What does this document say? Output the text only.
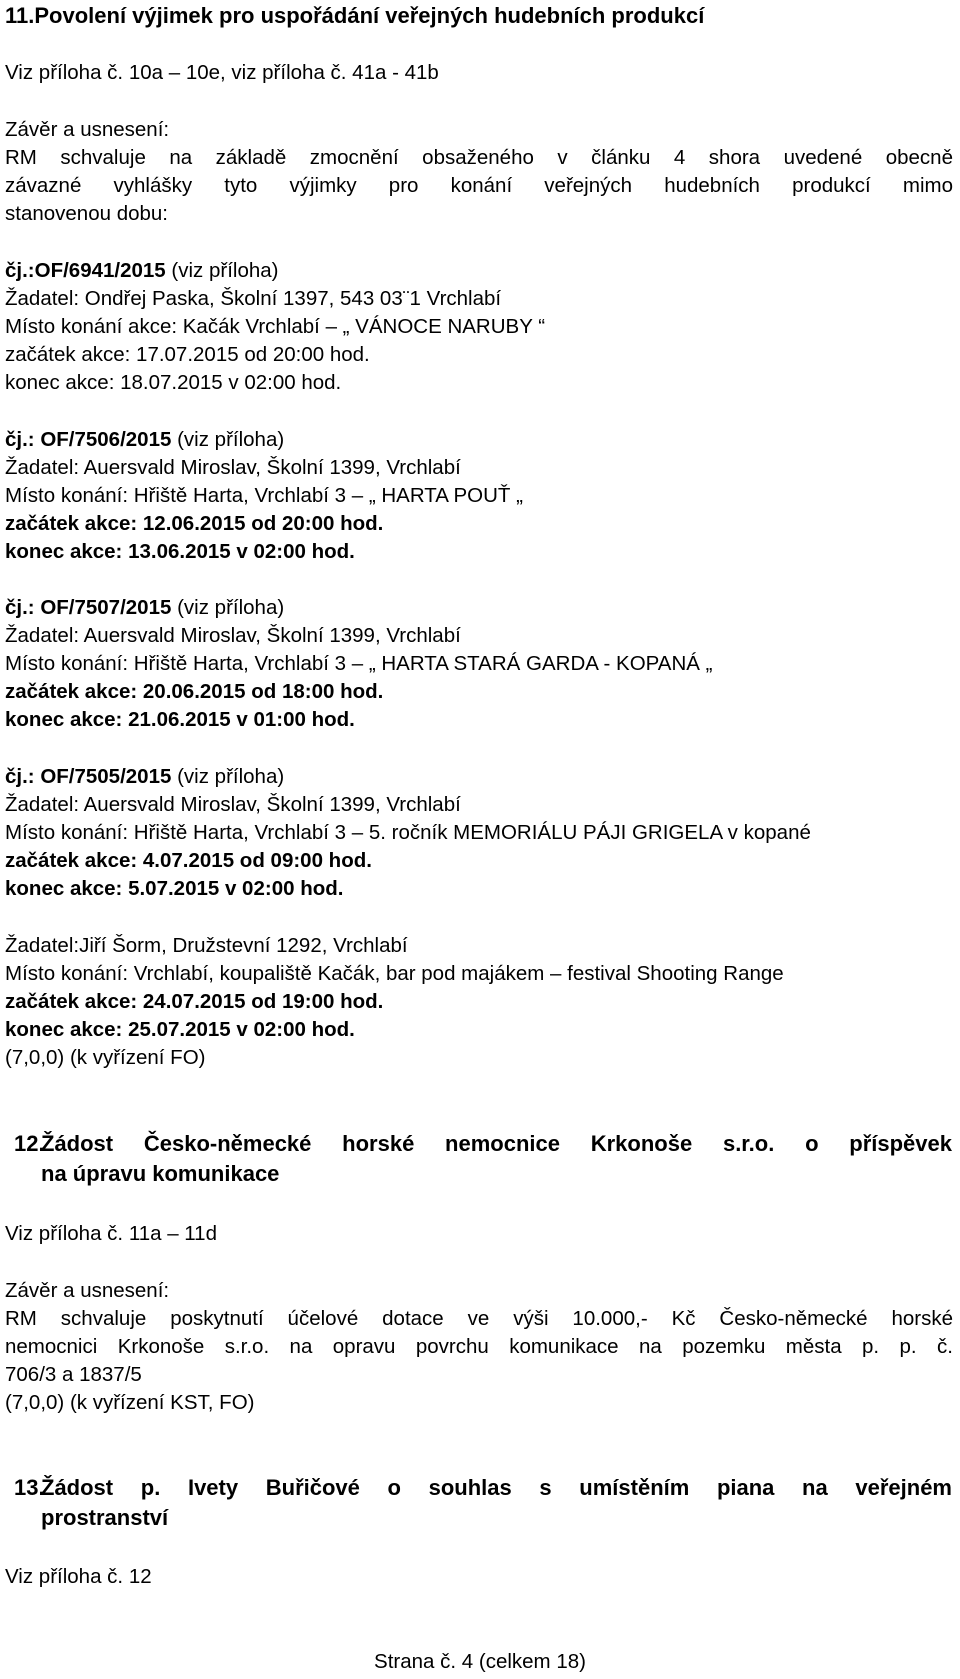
11.Povolení výjimek pro uspořádání veřejných hudebních produkcí
Viz příloha č. 10a – 10e, viz příloha č. 41a - 41b
Závěr a usnesení:
RM schvaluje na základě zmocnění obsaženého v článku 4 shora uvedené obecně
závazné vyhlášky tyto výjimky pro konání veřejných hudebních produkcí mimo
stanovenou dobu:
čj.:OF/6941/2015 (viz příloha)
Žadatel: Ondřej Paska, Školní 1397, 543 03¨1 Vrchlabí
Místo konání akce: Kačák Vrchlabí – „ VÁNOCE NARUBY “
začátek akce: 17.07.2015 od 20:00 hod.
konec akce: 18.07.2015 v 02:00 hod.
čj.: OF/7506/2015 (viz příloha)
Žadatel: Auersvald Miroslav, Školní 1399, Vrchlabí
Místo konání: Hřiště Harta, Vrchlabí 3 – „ HARTA POUŤ „
začátek akce: 12.06.2015 od 20:00 hod.
konec akce: 13.06.2015 v 02:00 hod.
čj.: OF/7507/2015 (viz příloha)
Žadatel: Auersvald Miroslav, Školní 1399, Vrchlabí
Místo konání: Hřiště Harta, Vrchlabí 3 – „ HARTA STARÁ GARDA - KOPANÁ „
začátek akce: 20.06.2015 od 18:00 hod.
konec akce: 21.06.2015 v 01:00 hod.
čj.: OF/7505/2015 (viz příloha)
Žadatel: Auersvald Miroslav, Školní 1399, Vrchlabí
Místo konání: Hřiště Harta, Vrchlabí 3 – 5. ročník MEMORIÁLU PÁJI GRIGELA v kopané
začátek akce: 4.07.2015 od 09:00 hod.
konec akce: 5.07.2015 v 02:00 hod.
Žadatel:Jiří Šorm, Družstevní 1292, Vrchlabí
Místo konání: Vrchlabí, koupaliště Kačák, bar pod majákem – festival Shooting Range
začátek akce: 24.07.2015 od 19:00 hod.
konec akce: 25.07.2015 v 02:00 hod.
(7,0,0) (k vyřízení FO)
12.
Žádost Česko-německé horské nemocnice Krkonoše s.r.o. o příspěvek
na úpravu komunikace
Viz příloha č. 11a – 11d
Závěr a usnesení:
RM schvaluje poskytnutí účelové dotace ve výši 10.000,- Kč Česko-německé horské
nemocnici Krkonoše s.r.o. na opravu povrchu komunikace na pozemku města p. p. č.
706/3 a 1837/5
(7,0,0) (k vyřízení KST, FO)
13.
Žádost p. Ivety Buřičové o souhlas s umístěním piana na veřejném
prostranství
Viz příloha č. 12
Strana č. 4 (celkem 18)
